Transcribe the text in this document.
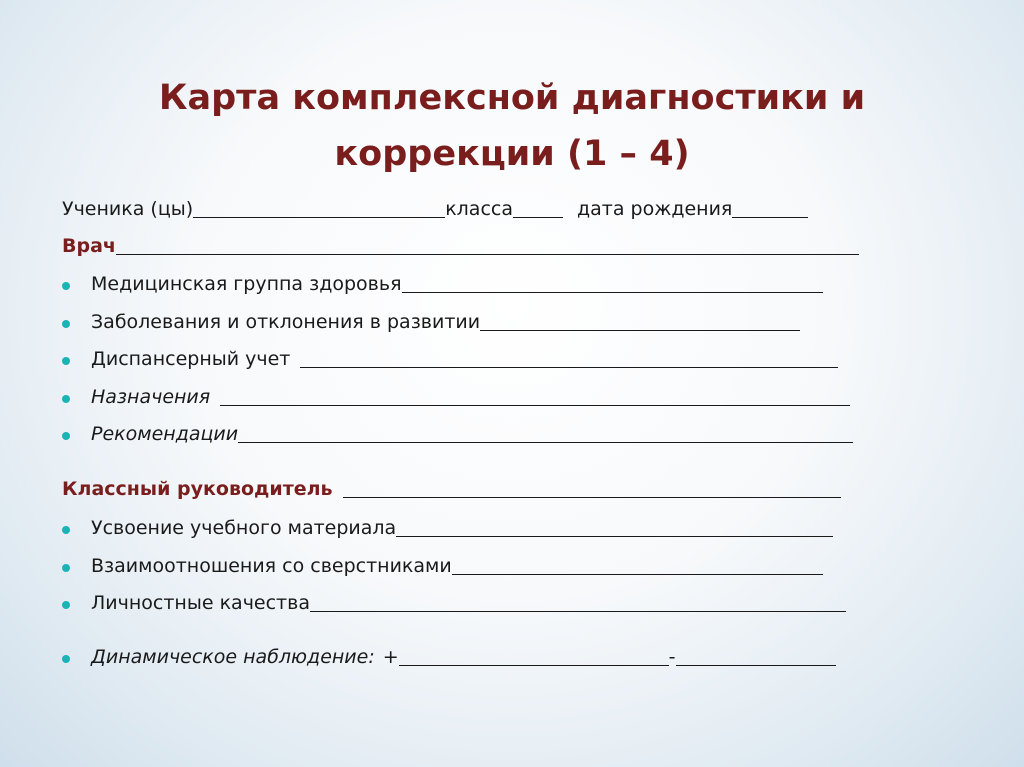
Карта комплексной диагностики и
коррекции (1 – 4)
Ученика (цы)	класса	дата рождения
Врач
Медицинская группа здоровья
Заболевания и отклонения в развитии
Диспансерный учет
Назначения
Рекомендации
Классный руководитель
Усвоение учебного материала
Взаимоотношения со сверстниками
Личностные качества
Динамическое наблюдение: +	-
